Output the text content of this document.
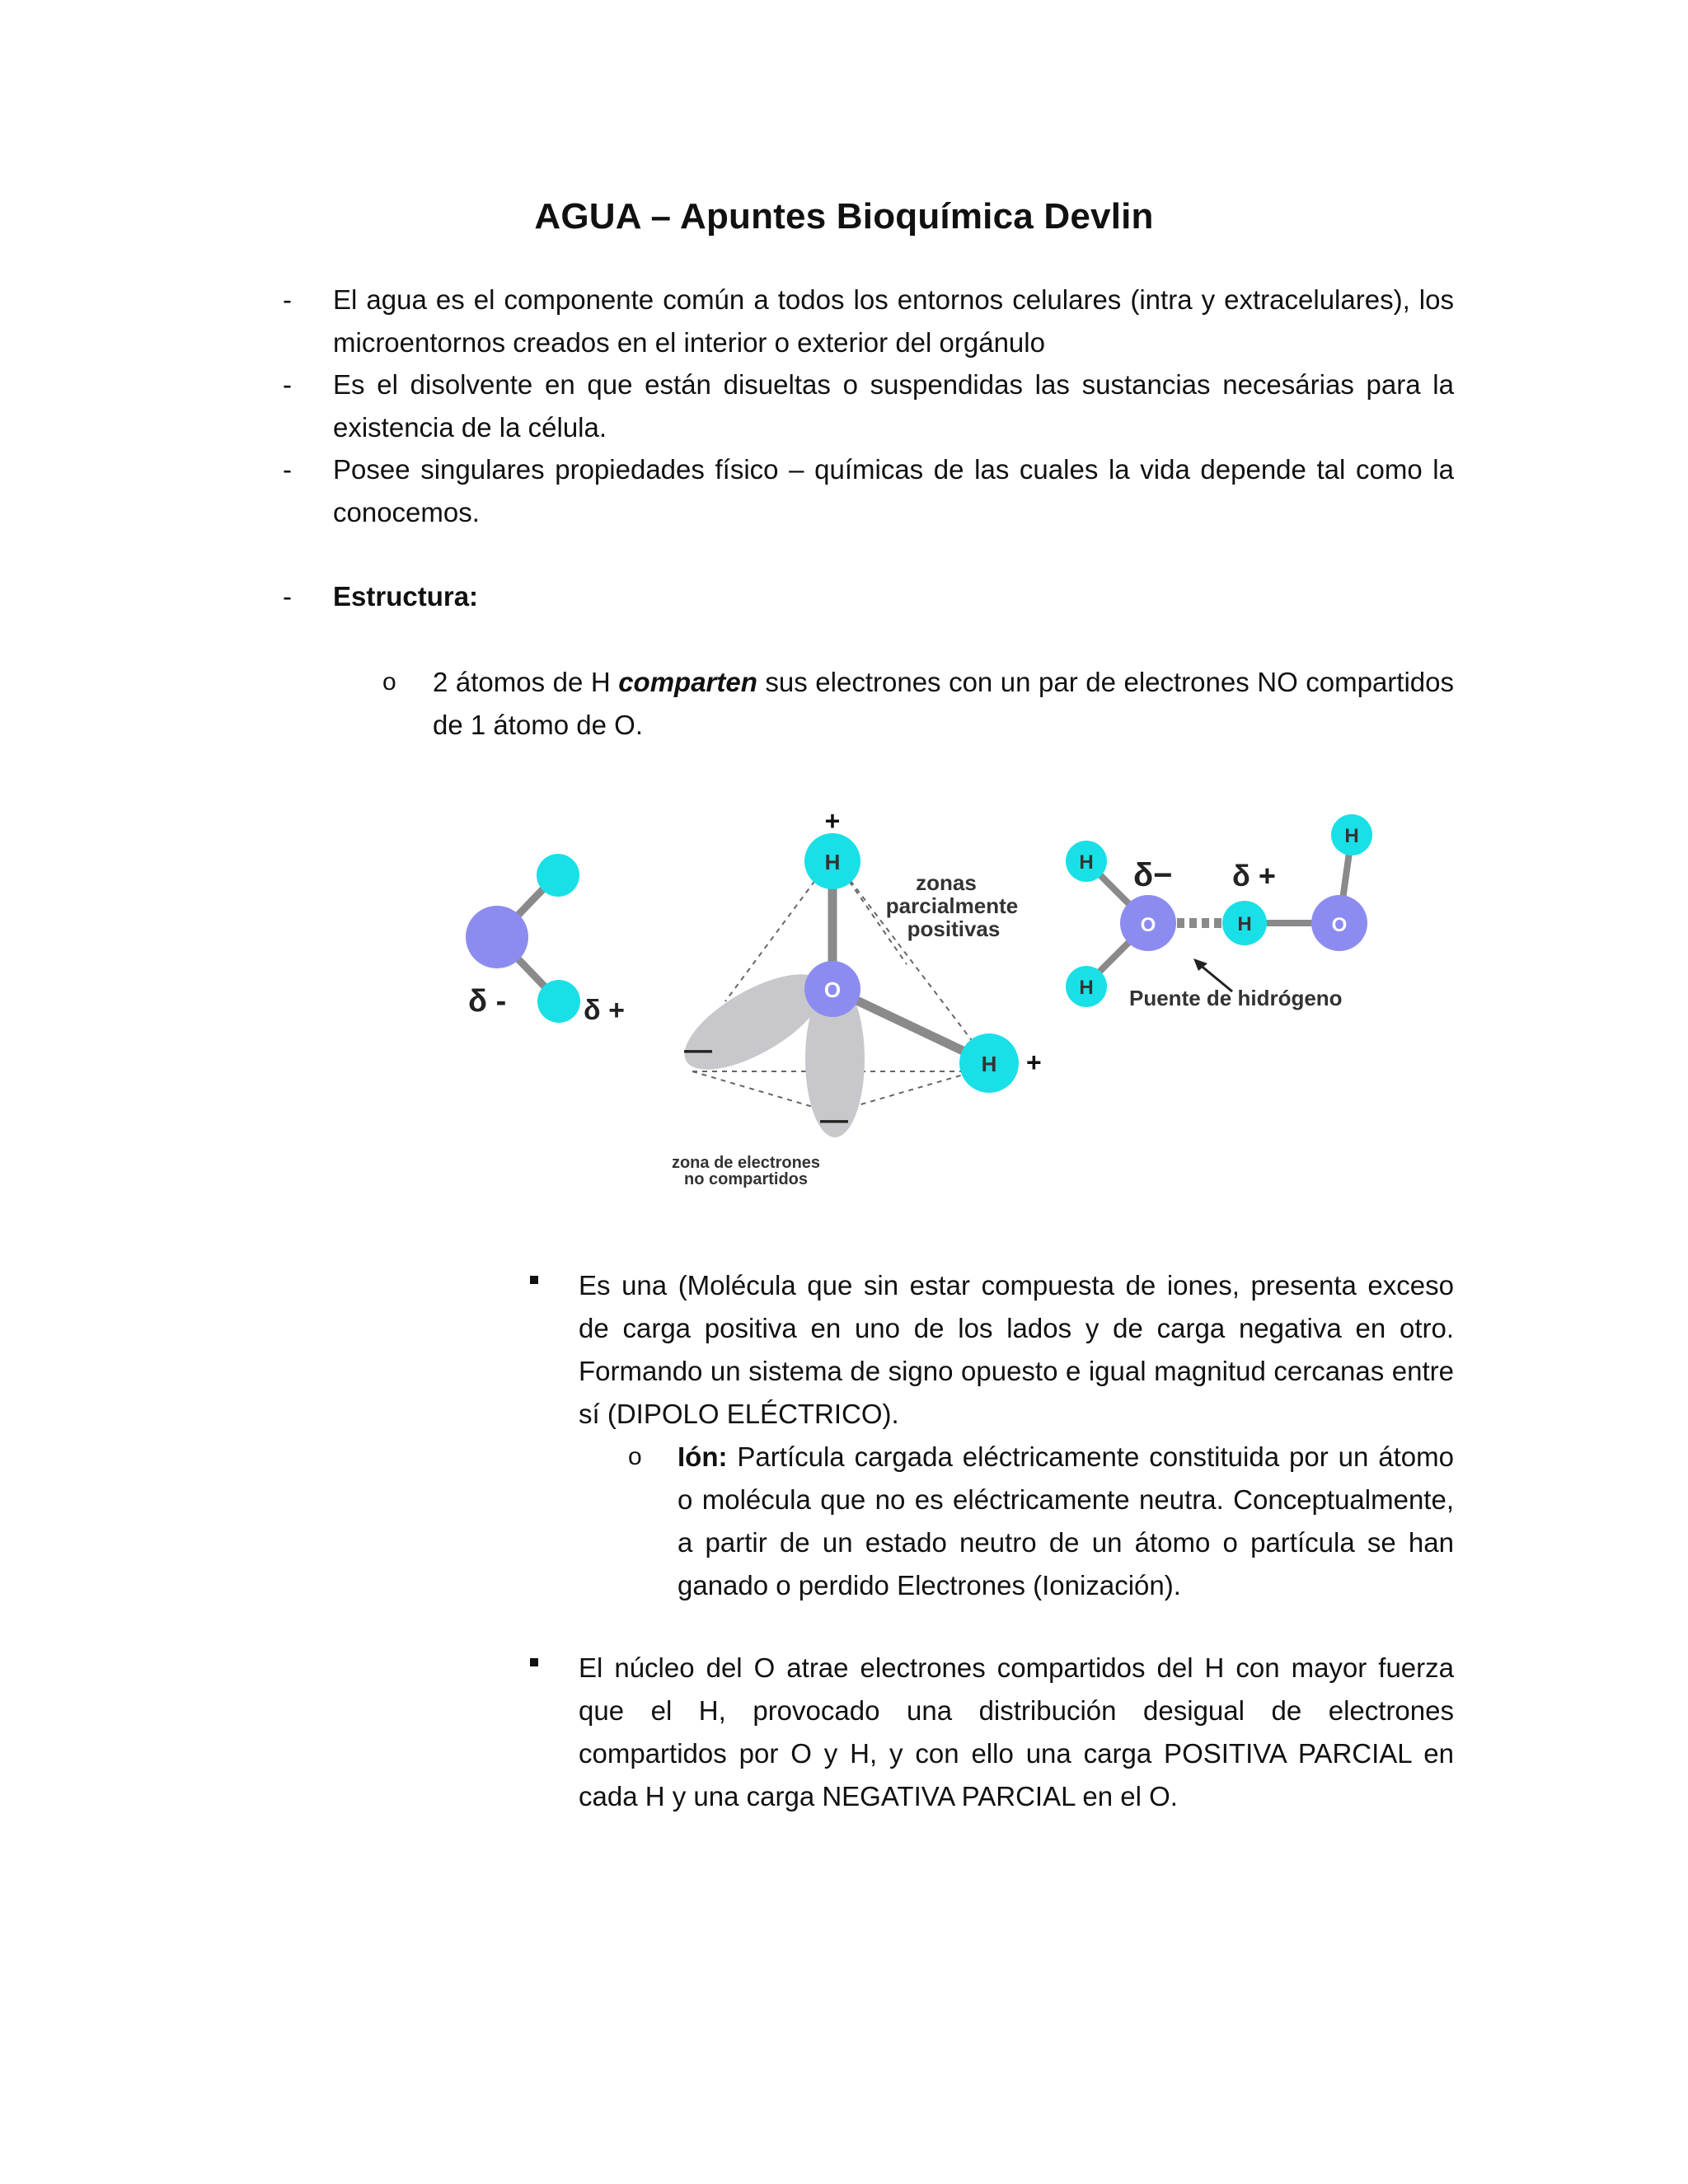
AGUA – Apuntes Bioquímica Devlin
- El agua es el componente común a todos los entornos celulares (intra y extracelulares), los microentornos creados en el interior o exterior del orgánulo

- Es el disolvente en que están disueltas o suspendidas las sustancias necesárias para la existencia de la célula.

- Posee singulares propiedades físico – químicas de las cuales la vida depende tal como la conocemos.

- Estructura:
o 2 átomos de H comparten sus electrones con un par de electrones NO compartidos de 1 átomo de O.

δ -	δ +
—
—
O
H
H
+
+
zonas
parcialmente
positivas
zona de electrones
no compartidos
O	O
H
H
H
H
δ− δ +
Puente de hidrógeno

Es una (Molécula que sin estar compuesta de iones, presenta exceso de carga positiva en uno de los lados y de carga negativa en otro. Formando un sistema de signo opuesto e igual magnitud cercanas entre sí (DIPOLO ELÉCTRICO).

o Ión: Partícula cargada eléctricamente constituida por un átomo o molécula que no es eléctricamente neutra. Conceptualmente, a partir de un estado neutro de un átomo o partícula se han ganado o perdido Electrones (Ionización).

El núcleo del O atrae electrones compartidos del H con mayor fuerza que el H, provocado una distribución desigual de electrones compartidos por O y H, y con ello una carga POSITIVA PARCIAL en cada H y una carga NEGATIVA PARCIAL en el O.
